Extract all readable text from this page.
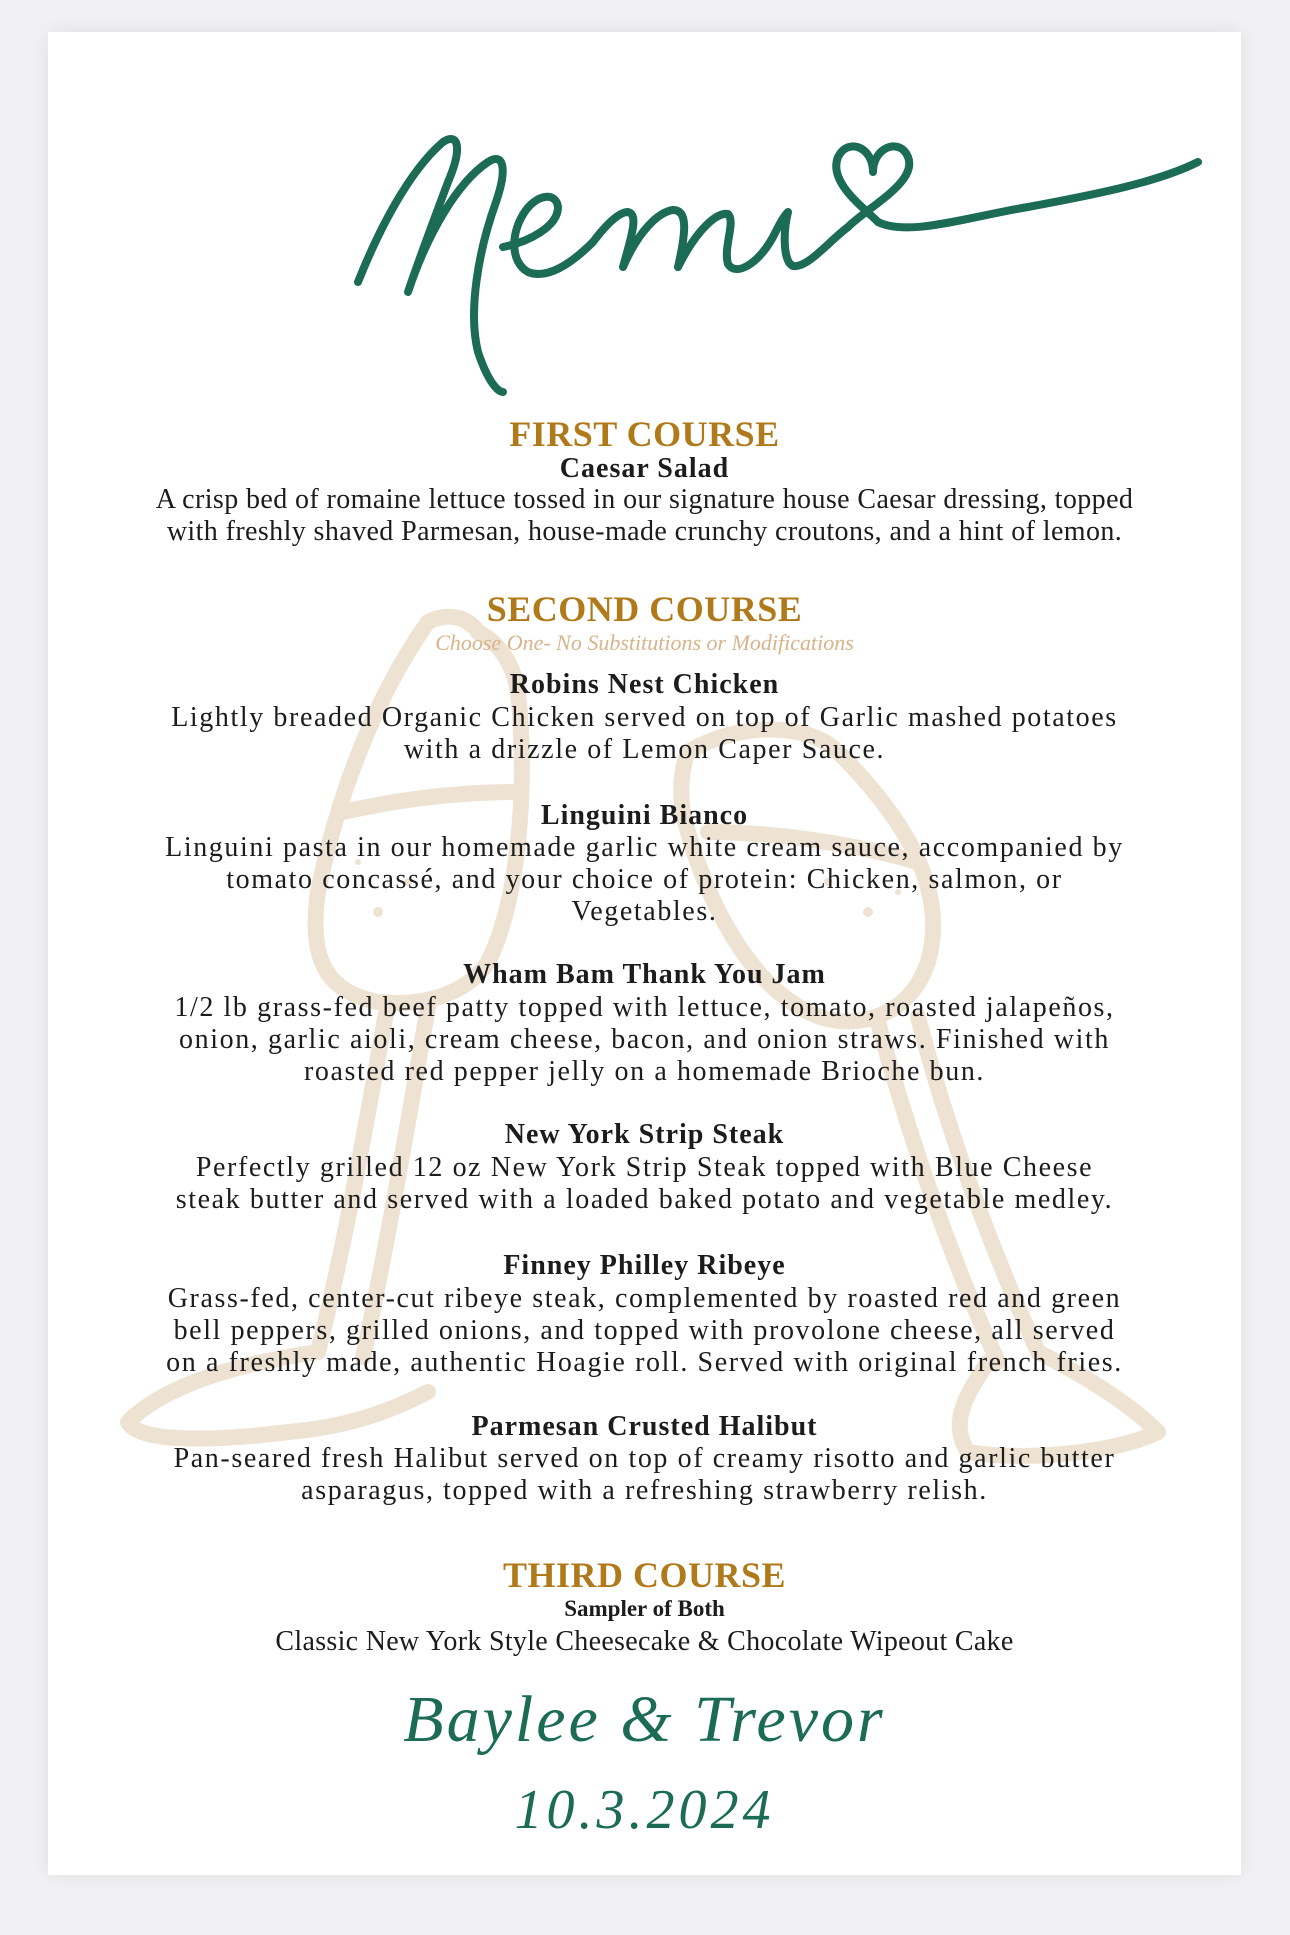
FIRST COURSE
Caesar Salad
A crisp bed of romaine lettuce tossed in our signature house Caesar dressing, topped
with freshly shaved Parmesan, house-made crunchy croutons, and a hint of lemon.
SECOND COURSE
Choose One- No Substitutions or Modifications
Robins Nest Chicken
Lightly breaded Organic Chicken served on top of Garlic mashed potatoes
with a drizzle of Lemon Caper Sauce.
Linguini Bianco
Linguini pasta in our homemade garlic white cream sauce, accompanied by
tomato concassé, and your choice of protein: Chicken, salmon, or
Vegetables.
Wham Bam Thank You Jam
1/2 lb grass-fed beef patty topped with lettuce, tomato, roasted jalapeños,
onion, garlic aioli, cream cheese, bacon, and onion straws. Finished with
roasted red pepper jelly on a homemade Brioche bun.
New York Strip Steak
Perfectly grilled 12 oz New York Strip Steak topped with Blue Cheese
steak butter and served with a loaded baked potato and vegetable medley.
Finney Philley Ribeye
Grass-fed, center-cut ribeye steak, complemented by roasted red and green
bell peppers, grilled onions, and topped with provolone cheese, all served
on a freshly made, authentic Hoagie roll. Served with original french fries.
Parmesan Crusted Halibut
Pan-seared fresh Halibut served on top of creamy risotto and garlic butter
asparagus, topped with a refreshing strawberry relish.
THIRD COURSE
Sampler of Both
Classic New York Style Cheesecake & Chocolate Wipeout Cake
Baylee & Trevor
10.3.2024
